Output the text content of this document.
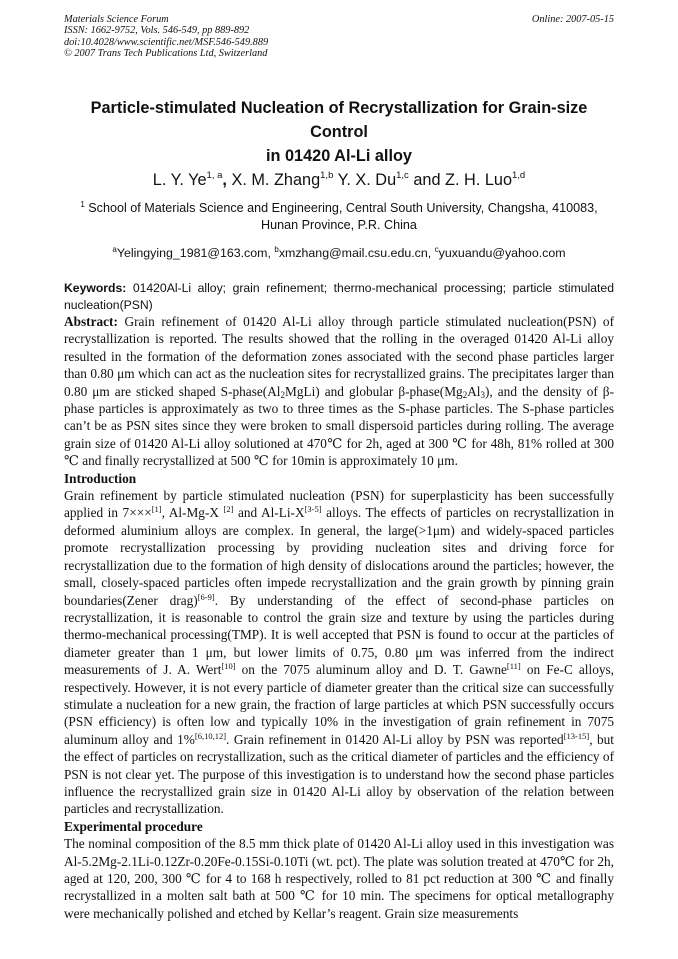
Materials Science Forum
ISSN: 1662-9752, Vols. 546-549, pp 889-892
doi:10.4028/www.scientific.net/MSF.546-549.889
© 2007 Trans Tech Publications Ltd, Switzerland
Online: 2007-05-15
Particle-stimulated Nucleation of Recrystallization for Grain-size Control
in 01420 Al-Li alloy
L. Y. Ye$^{1, a}$, X. M. Zhang$^{1,b}$ Y. X. Du$^{1,c}$ and Z. H. Luo$^{1,d}$
$^1$ School of Materials Science and Engineering, Central South University, Changsha, 410083, Hunan Province, P.R. China
$^a$Yelingying_1981@163.com, $^b$xmzhang@mail.csu.edu.cn, $^c$yuxuandu@yahoo.com
Keywords: 01420Al-Li alloy; grain refinement; thermo-mechanical processing; particle stimulated nucleation(PSN)

Abstract: Grain refinement of 01420 Al-Li alloy through particle stimulated nucleation(PSN) of recrystallization is reported. The results showed that the rolling in the overaged 01420 Al-Li alloy resulted in the formation of the deformation zones associated with the second phase particles larger than 0.80 μm which can act as the nucleation sites for recrystallized grains. The precipitates larger than 0.80 μm are sticked shaped $S-phase(Al_2MgLi)$ and globular $\beta-phase(Mg_2Al_3)$, and the density of β-phase particles is approximately as two to three times as the S-phase particles. The S-phase particles can’t be as PSN sites since they were broken to small dispersoid particles during rolling. The average grain size of 01420 Al-Li alloy solutioned at 470℃ for 2h, aged at 300 ℃ for 48h, 81% rolled at 300 ℃ and finally recrystallized at 500 ℃ for 10min is approximately 10 μm.

Introduction

Grain refinement by particle stimulated nucleation (PSN) for superplasticity has been successfully applied in 7×××[1], Al-Mg-X [2] and Al-Li-X[3-5] alloys. The effects of particles on recrystallization in deformed aluminium alloys are complex. In general, the large(>1μm) and widely-spaced particles promote recrystallization processing by providing nucleation sites and driving force for recrystallization due to the formation of high density of dislocations around the particles; however, the small, closely-spaced particles often impede recrystallization and the grain growth by pinning grain boundaries(Zener drag)[6-9]. By understanding of the effect of second-phase particles on recrystallization, it is reasonable to control the grain size and texture by using the particles during thermo-mechanical processing(TMP). It is well accepted that PSN is found to occur at the particles of diameter greater than 1 μm, but lower limits of 0.75, 0.80 μm was inferred from the indirect measurements of J. A. Wert[10] on the 7075 aluminum alloy and D. T. Gawne[11] on Fe-C alloys, respectively. However, it is not every particle of diameter greater than the critical size can successfully stimulate a nucleation for a new grain, the fraction of large particles at which PSN successfully occurs (PSN efficiency) is often low and typically 10% in the investigation of grain refinement in 7075 aluminum alloy and 1%[6,10,12]. Grain refinement in 01420 Al-Li alloy by PSN was reported[13-15], but the effect of particles on recrystallization, such as the critical diameter of particles and the efficiency of PSN is not clear yet. The purpose of this investigation is to understand how the second phase particles influence the recrystallized grain size in 01420 Al-Li alloy by observation of the relation between particles and recrystallization.

Experimental procedure

The nominal composition of the 8.5 mm thick plate of 01420 Al-Li alloy used in this investigation was Al-5.2Mg-2.1Li-0.12Zr-0.20Fe-0.15Si-0.10Ti (wt. pct). The plate was solution treated at 470℃ for 2h, aged at 120, 200, 300 ℃ for 4 to 168 h respectively, rolled to 81 pct reduction at 300 ℃ and finally recrystallized in a molten salt bath at 500 ℃ for 10 min. The specimens for optical metallography were mechanically polished and etched by Kellar’s reagent. Grain size measurements
